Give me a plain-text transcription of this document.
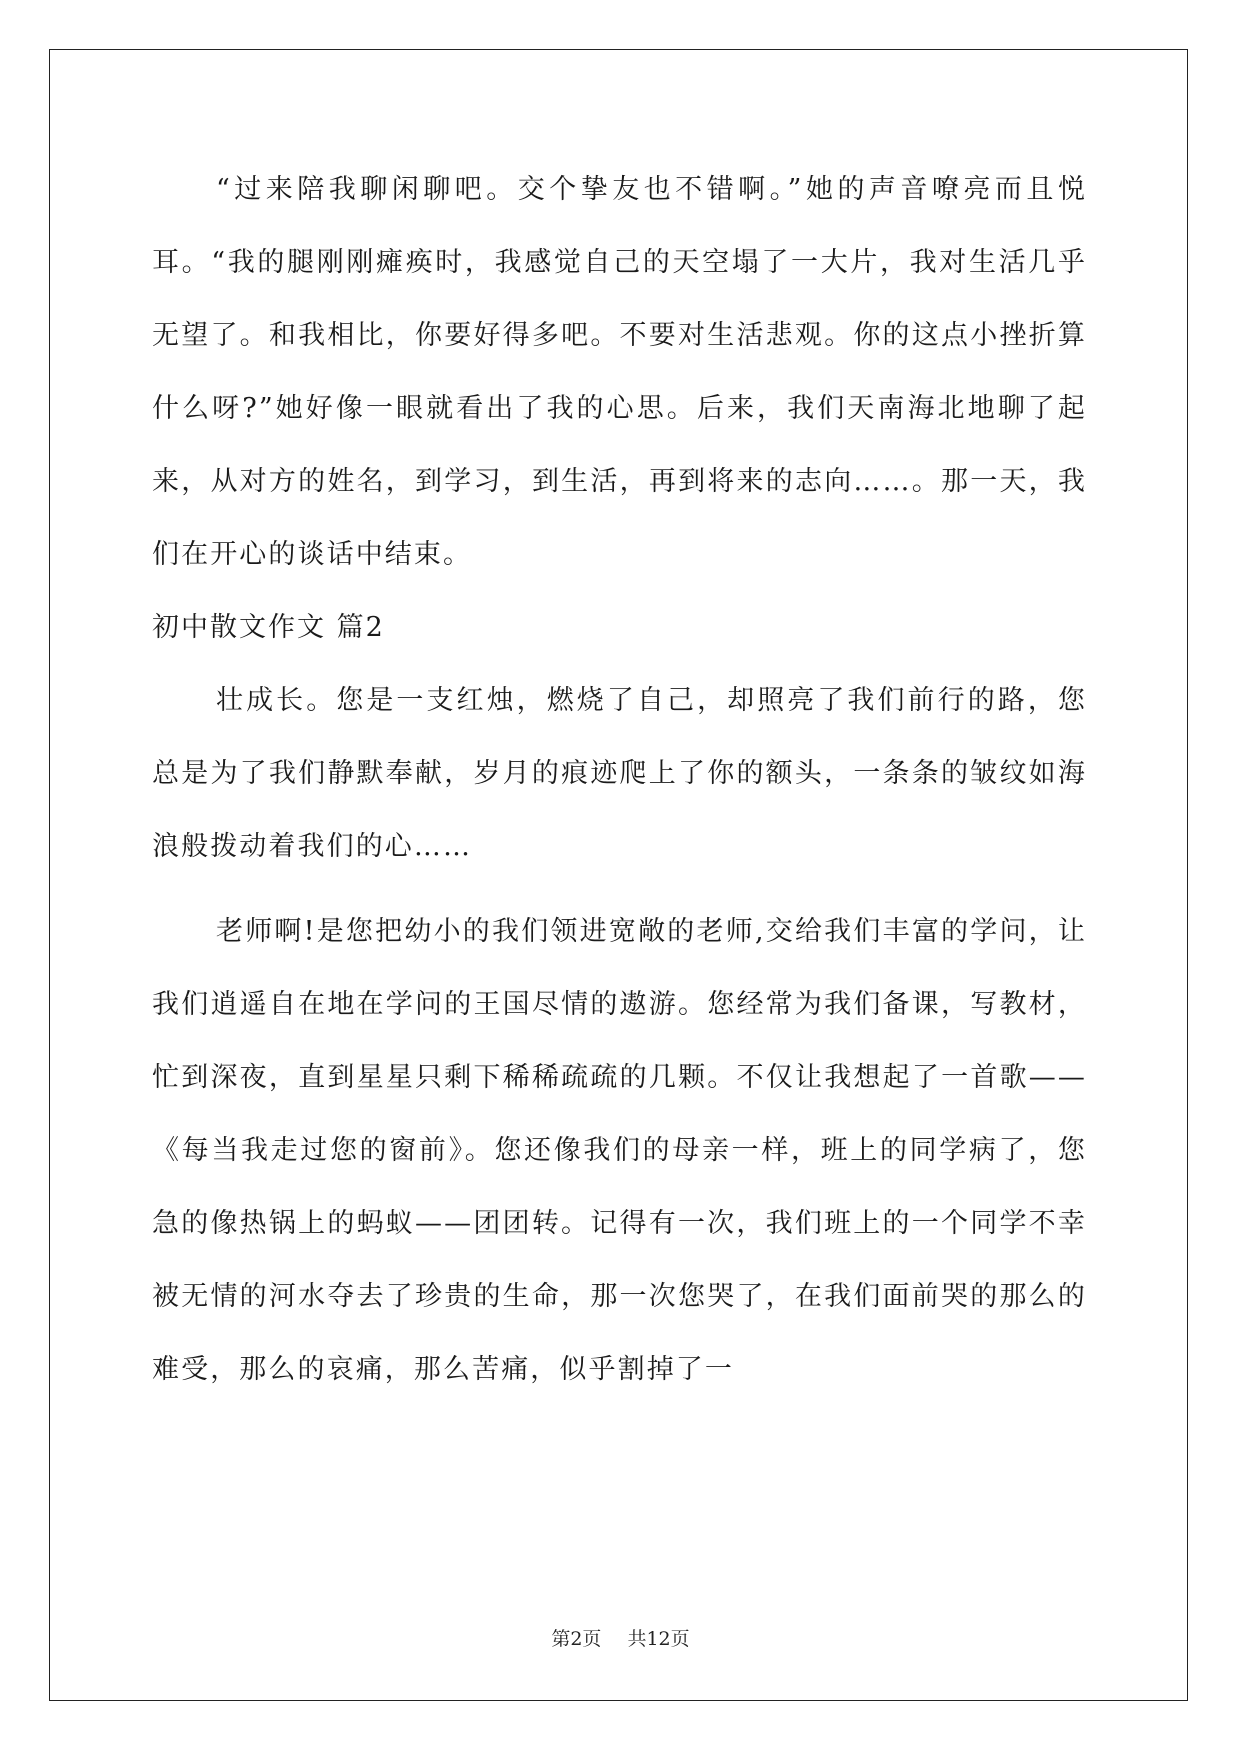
“过来陪我聊闲聊吧。交个挚友也不错啊。”她的声音嘹亮而且悦耳。“我的腿刚刚瘫痪时，我感觉自己的天空塌了一大片，我对生活几乎无望了。和我相比，你要好得多吧。不要对生活悲观。你的这点小挫折算什么呀?”她好像一眼就看出了我的心思。后来，我们天南海北地聊了起来，从对方的姓名，到学习，到生活，再到将来的志向……。那一天，我们在开心的谈话中结束。

初中散文作文 篇2

壮成长。您是一支红烛，燃烧了自己，却照亮了我们前行的路，您总是为了我们静默奉献，岁月的痕迹爬上了你的额头，一条条的皱纹如海浪般拨动着我们的心……

老师啊!是您把幼小的我们领进宽敞的老师,交给我们丰富的学问，让我们逍遥自在地在学问的王国尽情的遨游。您经常为我们备课，写教材，忙到深夜，直到星星只剩下稀稀疏疏的几颗。不仅让我想起了一首歌——《每当我走过您的窗前》。您还像我们的母亲一样，班上的同学病了，您急的像热锅上的蚂蚁——团团转。记得有一次，我们班上的一个同学不幸被无情的河水夺去了珍贵的生命，那一次您哭了，在我们面前哭的那么的难受，那么的哀痛，那么苦痛，似乎割掉了一

第2页 共12页
